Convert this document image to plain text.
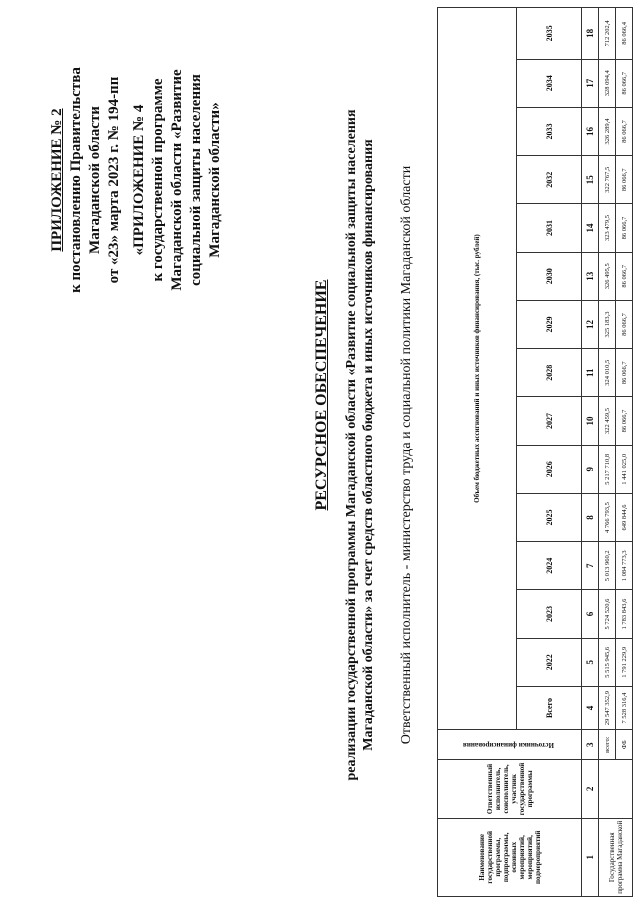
ПРИЛОЖЕНИЕ № 2 к постановлению Правительства Магаданской области от «23» марта 2023 г. № 194-пп «ПРИЛОЖЕНИЕ № 4 к государственной программе Магаданской области «Развитие социальной защиты населения Магаданской области»
РЕСУРСНОЕ ОБЕСПЕЧЕНИЕ реализации государственной программы Магаданской области «Развитие социальной защиты населения Магаданской области» за счет средств областного бюджета и иных источников финансирования Ответственный исполнитель - министерство труда и социальной политики Магаданской области
Наименование государственной программы, подпрограммы, основных мероприятий, мероприятий, подмероприятий	Ответственный исполнитель, соисполнитель, участник государственной программы	Источники финансирования	Объем бюджетных ассигнований и иных источников финансирования, (тыс. рублей)														
			Всего	2022	2023	2024	2025	2026	2027	2028	2029	2030	2031	2032	2033	2034	2035
1	2	3	4	5	6	7	8	9	10	11	12	13	14	15	16	17	18
Государственная программа Магаданской		всего:	29 547 352,9	5 515 945,6	5 724 520,6	5 013 960,2	4 766 793,5	5 217 710,8	322 459,5	324 010,5	325 183,3	326 495,5	323 479,5	322 767,5	326 289,4	328 094,4	712 202,4
		ФБ	7 528 316,4	1 791 229,9	1 783 843,6	1 084 773,3	649 844,6	1 441 025,0	86 066,7	86 066,7	86 066,7	86 066,7	86 066,7	86 066,7	86 066,7	86 066,7	86 066,4
